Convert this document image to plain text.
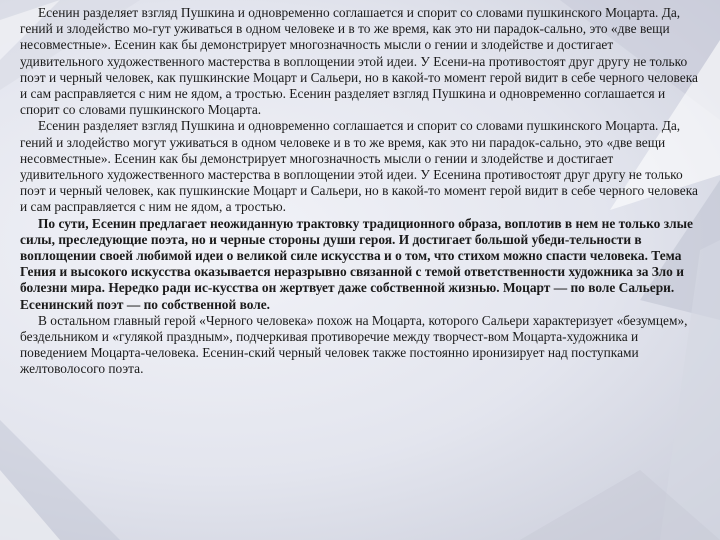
Есенин разделяет взгляд Пушкина и одновременно соглашается и спорит со словами пушкинского Моцарта. Да, гений и злодейство мо-гут уживаться в одном человеке и в то же время, как это ни парадок-сально, это «две вещи несовместные». Есенин как бы демонстрирует многозначность мысли о гении и злодействе и достигает удивительного художественного мастерства в воплощении этой идеи. У Есени-на противостоят друг другу не только поэт и черный человек, как пушкинские Моцарт и Сальери, но в какой-то момент герой видит в себе черного человека и сам расправляется с ним не ядом, а тростью. Есенин разделяет взгляд Пушкина и одновременно соглашается и спорит со словами пушкинского Моцарта.

Есенин разделяет взгляд Пушкина и одновременно соглашается и спорит со словами пушкинского Моцарта. Да, гений и злодейство могут уживаться в одном человеке и в то же время, как это ни парадок-сально, это «две вещи несовместные». Есенин как бы демонстрирует многозначность мысли о гении и злодействе и достигает удивительного художественного мастерства в воплощении этой идеи. У Есенина противостоят друг другу не только поэт и черный человек, как пушкинские Моцарт и Сальери, но в какой-то момент герой видит в себе черного человека и сам расправляется с ним не ядом, а тростью.

По сути, Есенин предлагает неожиданную трактовку традиционного образа, воплотив в нем не только злые силы, преследующие поэта, но и черные стороны души героя. И достигает большой убеди-тельности в воплощении своей любимой идеи о великой силе искусства и о том, что стихом можно спасти человека. Тема Гения и высокого искусства оказывается неразрывно связанной с темой ответственности художника за Зло и болезни мира. Нередко ради ис-кусства он жертвует даже собственной жизнью. Моцарт — по воле Сальери. Есенинский поэт — по собственной воле.

В остальном главный герой «Черного человека» похож на Моцарта, которого Сальери характеризует «безумцем», бездельником и «гулякой праздным», подчеркивая противоречие между творчест-вом Моцарта-художника и поведением Моцарта-человека. Есенин-ский черный человек также постоянно иронизирует над поступками желтоволосого поэта.
